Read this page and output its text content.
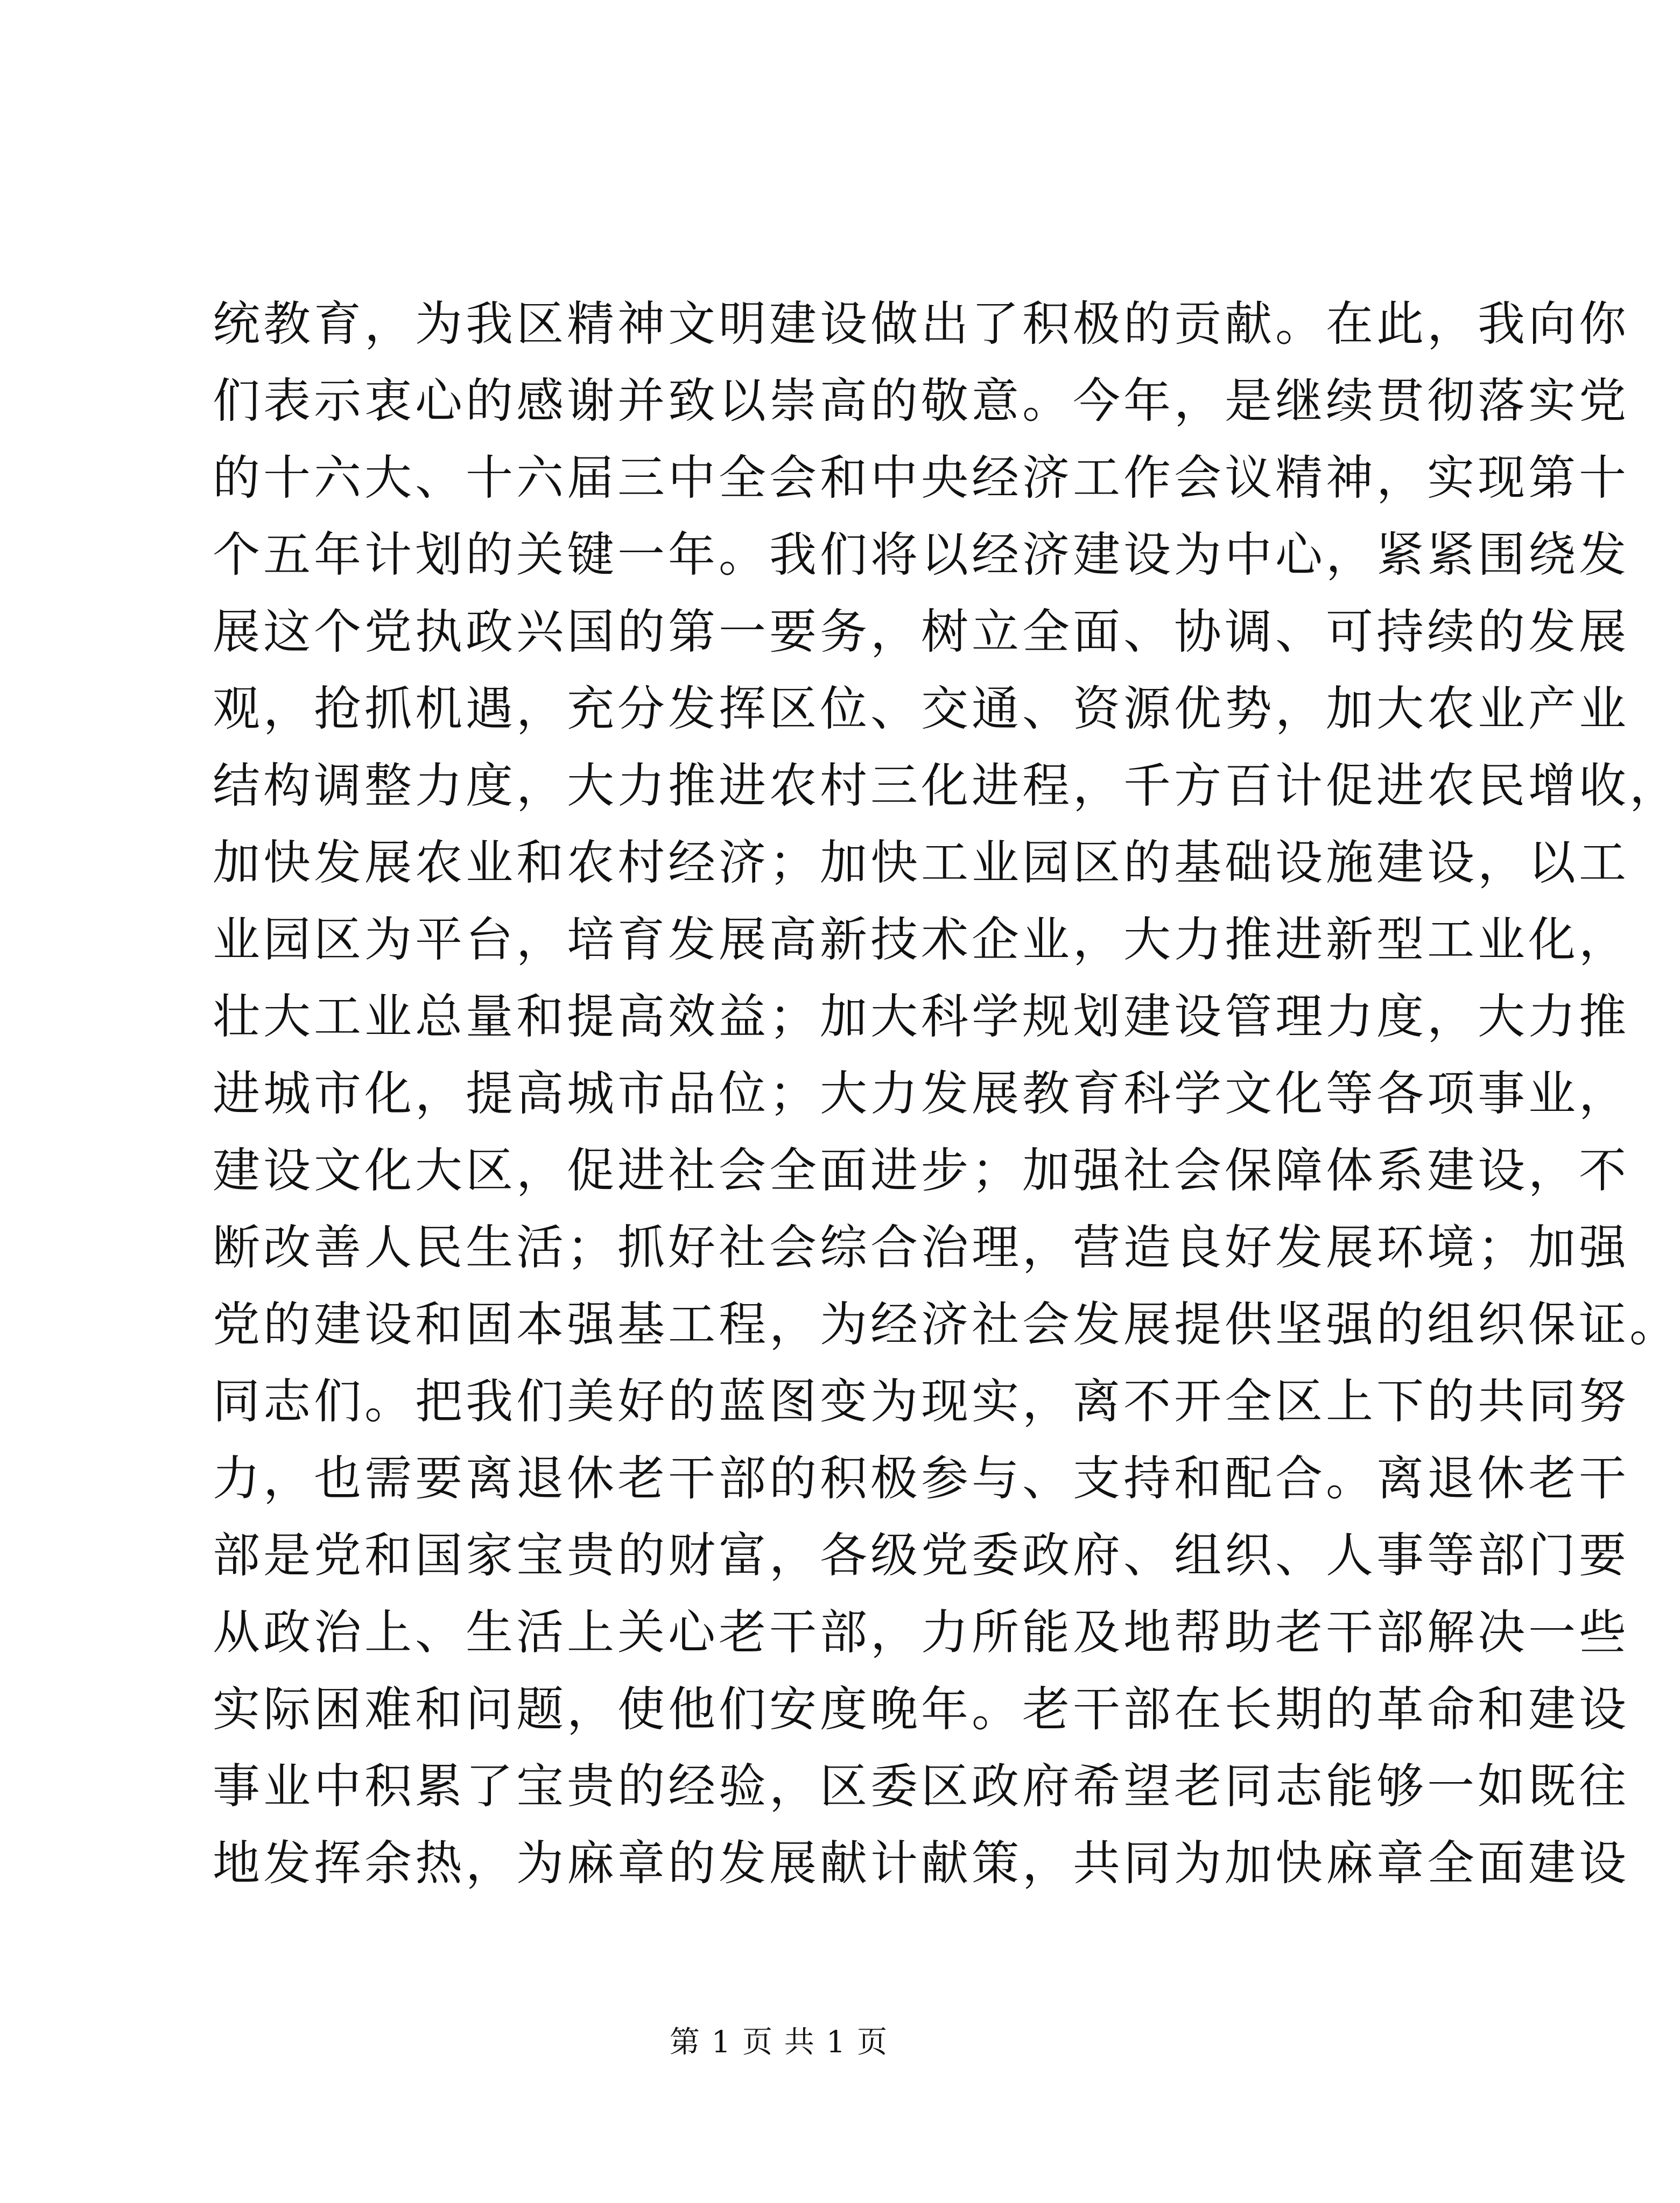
统教育，为我区精神文明建设做出了积极的贡献。在此，我向你
们表示衷心的感谢并致以崇高的敬意。今年，是继续贯彻落实党
的十六大、十六届三中全会和中央经济工作会议精神，实现第十
个五年计划的关键一年。我们将以经济建设为中心，紧紧围绕发
展这个党执政兴国的第一要务，树立全面、协调、可持续的发展
观，抢抓机遇，充分发挥区位、交通、资源优势，加大农业产业
结构调整力度，大力推进农村三化进程，千方百计促进农民增收，
加快发展农业和农村经济；加快工业园区的基础设施建设，以工
业园区为平台，培育发展高新技术企业，大力推进新型工业化，
壮大工业总量和提高效益；加大科学规划建设管理力度，大力推
进城市化，提高城市品位；大力发展教育科学文化等各项事业，
建设文化大区，促进社会全面进步；加强社会保障体系建设，不
断改善人民生活；抓好社会综合治理，营造良好发展环境；加强
党的建设和固本强基工程，为经济社会发展提供坚强的组织保证。
同志们。把我们美好的蓝图变为现实，离不开全区上下的共同努
力，也需要离退休老干部的积极参与、支持和配合。离退休老干
部是党和国家宝贵的财富，各级党委政府、组织、人事等部门要
从政治上、生活上关心老干部，力所能及地帮助老干部解决一些
实际困难和问题，使他们安度晚年。老干部在长期的革命和建设
事业中积累了宝贵的经验，区委区政府希望老同志能够一如既往
地发挥余热，为麻章的发展献计献策，共同为加快麻章全面建设
第 1 页 共 1 页
